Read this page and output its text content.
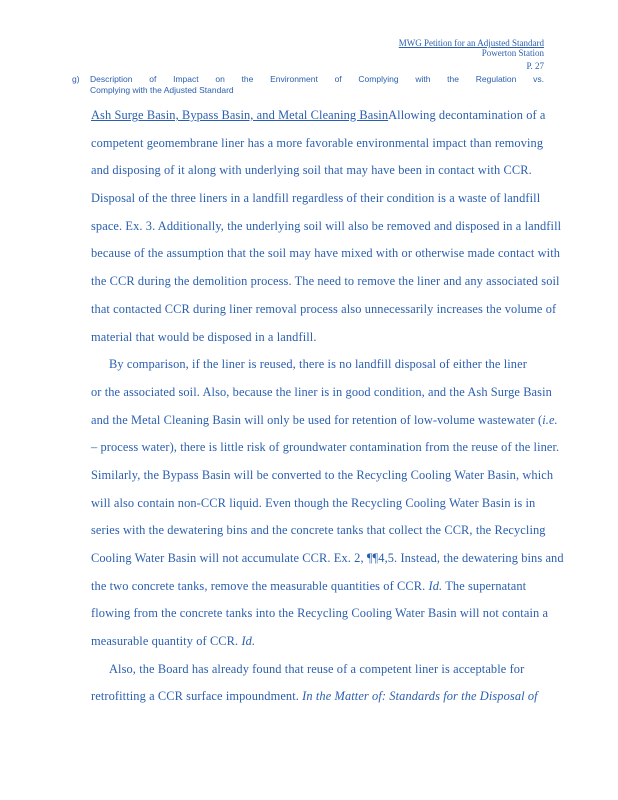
MWG Petition for an Adjusted Standard
Powerton Station
P. 27
g) Description of Impact on the Environment of Complying with the Regulation vs.
Complying with the Adjusted Standard
Ash Surge Basin, Bypass Basin, and Metal Cleaning BasinAllowing decontamination of a
competent geomembrane liner has a more favorable environmental impact than removing
and disposing of it along with underlying soil that may have been in contact with CCR.
Disposal of the three liners in a landfill regardless of their condition is a waste of landfill
space. Ex. 3. Additionally, the underlying soil will also be removed and disposed in a landfill
because of the assumption that the soil may have mixed with or otherwise made contact with
the CCR during the demolition process. The need to remove the liner and any associated soil
that contacted CCR during liner removal process also unnecessarily increases the volume of
material that would be disposed in a landfill.
By comparison, if the liner is reused, there is no landfill disposal of either the liner
or the associated soil. Also, because the liner is in good condition, and the Ash Surge Basin
and the Metal Cleaning Basin will only be used for retention of low-volume wastewater (i.e.
– process water), there is little risk of groundwater contamination from the reuse of the liner.
Similarly, the Bypass Basin will be converted to the Recycling Cooling Water Basin, which
will also contain non-CCR liquid. Even though the Recycling Cooling Water Basin is in
series with the dewatering bins and the concrete tanks that collect the CCR, the Recycling
Cooling Water Basin will not accumulate CCR. Ex. 2, ¶¶4,5. Instead, the dewatering bins and
the two concrete tanks, remove the measurable quantities of CCR. Id. The supernatant
flowing from the concrete tanks into the Recycling Cooling Water Basin will not contain a
measurable quantity of CCR. Id.
Also, the Board has already found that reuse of a competent liner is acceptable for
retrofitting a CCR surface impoundment. In the Matter of: Standards for the Disposal of
